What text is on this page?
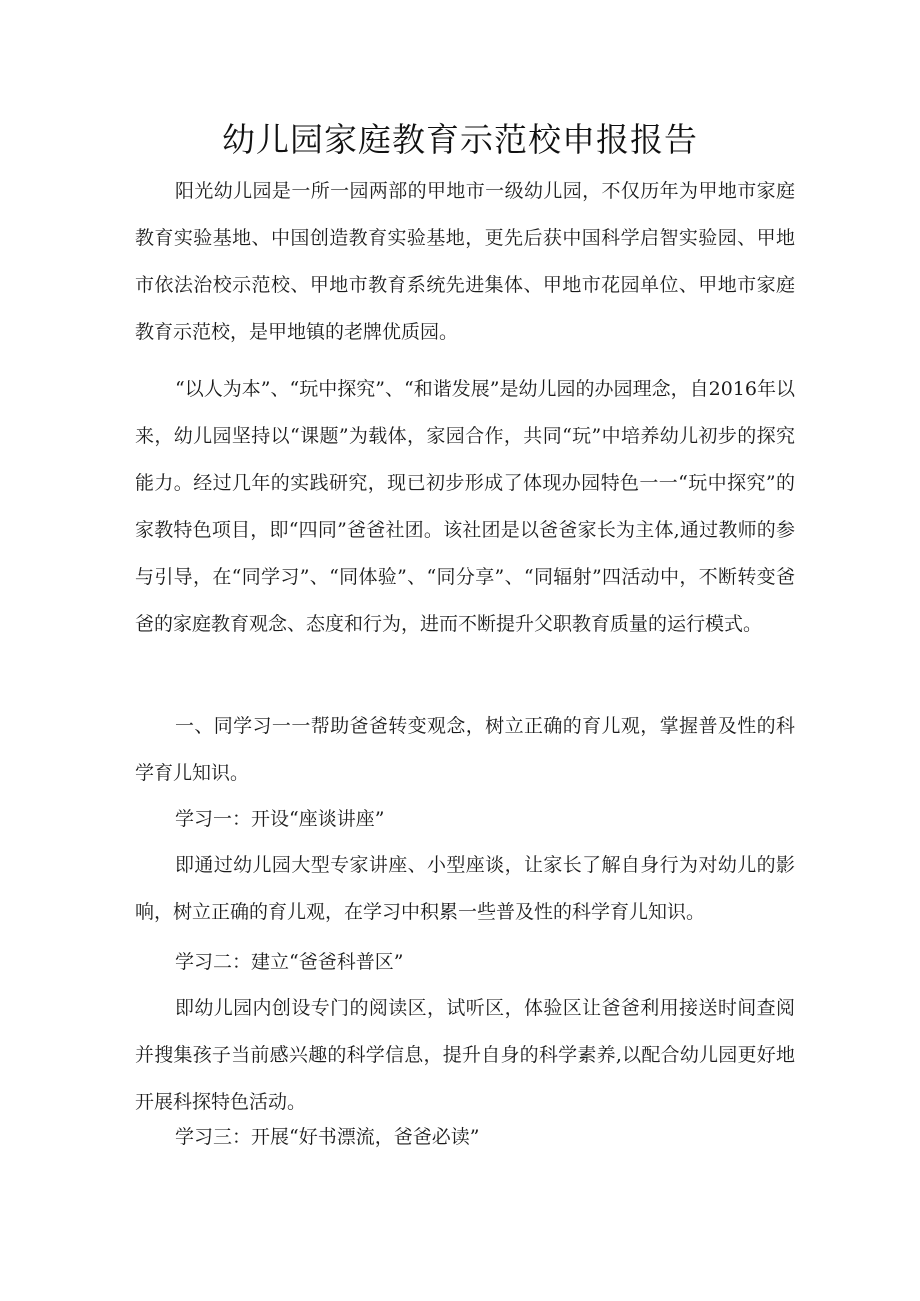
幼儿园家庭教育示范校申报报告

阳光幼儿园是一所一园两部的甲地市一级幼儿园，不仅历年为甲地市家庭教育实验基地、中国创造教育实验基地，更先后获中国科学启智实验园、甲地市依法治校示范校、甲地市教育系统先进集体、甲地市花园单位、甲地市家庭教育示范校，是甲地镇的老牌优质园。

“以人为本”、“玩中探究”、“和谐发展”是幼儿园的办园理念，自2016年以来，幼儿园坚持以“课题”为载体，家园合作，共同“玩”中培养幼儿初步的探究能力。经过几年的实践研究，现已初步形成了体现办园特色一一“玩中探究”的家教特色项目，即“四同”爸爸社团。该社团是以爸爸家长为主体,通过教师的参与引导，在“同学习”、“同体验”、“同分享”、“同辐射”四活动中，不断转变爸爸的家庭教育观念、态度和行为，进而不断提升父职教育质量的运行模式。

一、同学习一一帮助爸爸转变观念，树立正确的育儿观，掌握普及性的科学育儿知识。

学习一：开设“座谈讲座”

即通过幼儿园大型专家讲座、小型座谈，让家长了解自身行为对幼儿的影响，树立正确的育儿观，在学习中积累一些普及性的科学育儿知识。

学习二：建立“爸爸科普区”

即幼儿园内创设专门的阅读区，试听区，体验区让爸爸利用接送时间查阅并搜集孩子当前感兴趣的科学信息，提升自身的科学素养,以配合幼儿园更好地开展科探特色活动。

学习三：开展“好书漂流，爸爸必读”
